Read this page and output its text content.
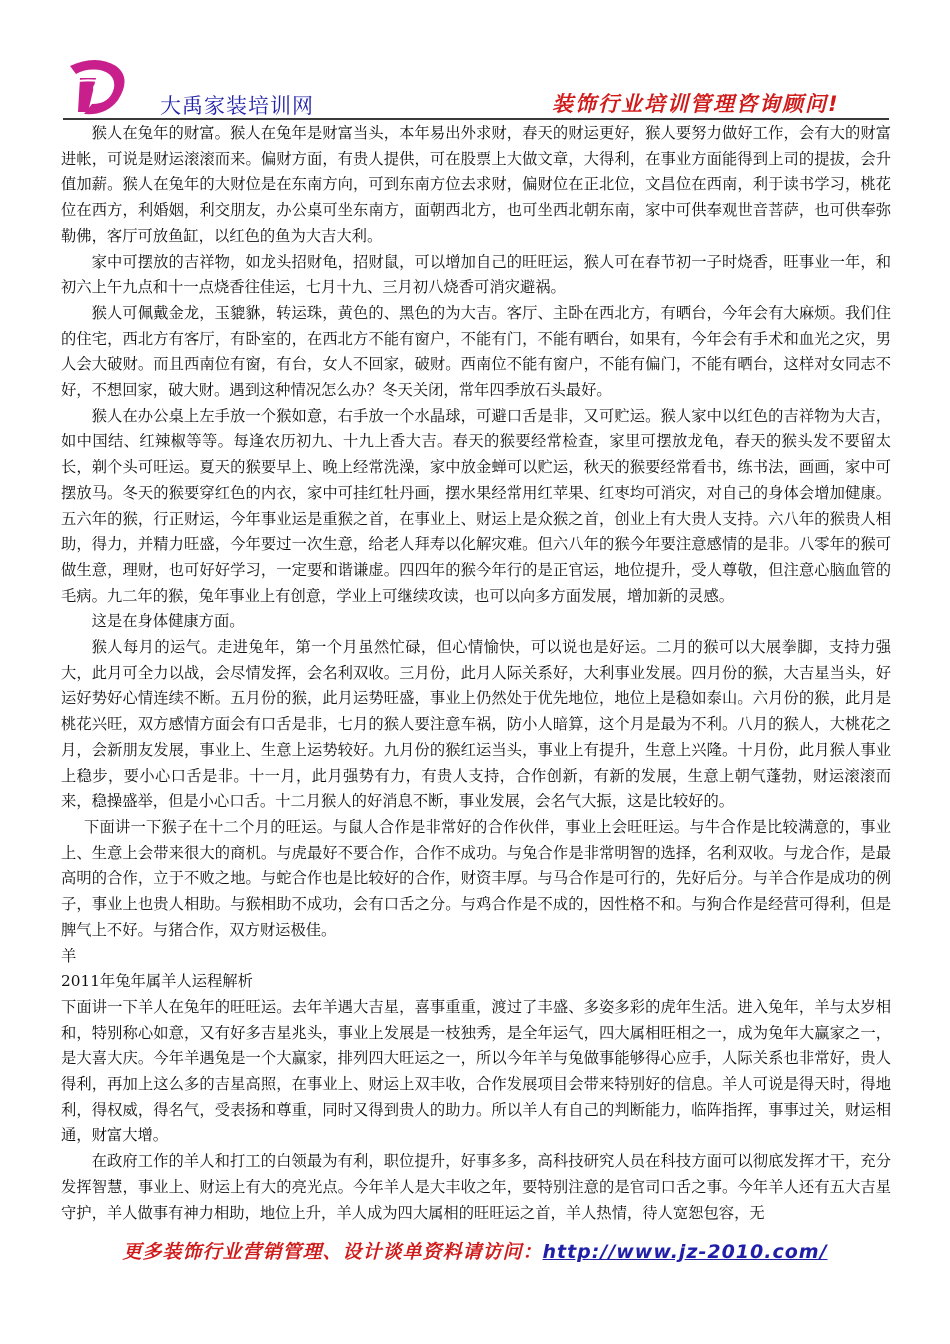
大禹家装培训网	装饰行业培训管理咨询顾问!

猴人在兔年的财富。猴人在兔年是财富当头，本年易出外求财，春天的财运更好，猴人要努力做好工作，会有大的财富进帐，可说是财运滚滚而来。偏财方面，有贵人提供，可在股票上大做文章，大得利，在事业方面能得到上司的提拔，会升值加薪。猴人在兔年的大财位是在东南方向，可到东南方位去求财，偏财位在正北位，文昌位在西南，利于读书学习，桃花位在西方，利婚姻，利交朋友，办公桌可坐东南方，面朝西北方，也可坐西北朝东南，家中可供奉观世音菩萨，也可供奉弥勒佛，客厅可放鱼缸，以红色的鱼为大吉大利。

家中可摆放的吉祥物，如龙头招财龟，招财鼠，可以增加自己的旺旺运，猴人可在春节初一子时烧香，旺事业一年，和初六上午九点和十一点烧香往佳运，七月十九、三月初八烧香可消灾避祸。

猴人可佩戴金龙，玉貔貅，转运珠，黄色的、黑色的为大吉。客厅、主卧在西北方，有晒台，今年会有大麻烦。我们住的住宅，西北方有客厅，有卧室的，在西北方不能有窗户，不能有门，不能有晒台，如果有，今年会有手术和血光之灾，男人会大破财。而且西南位有窗，有台，女人不回家，破财。西南位不能有窗户，不能有偏门，不能有晒台，这样对女同志不好，不想回家，破大财。遇到这种情况怎么办？冬天关闭，常年四季放石头最好。

猴人在办公桌上左手放一个猴如意，右手放一个水晶球，可避口舌是非，又可贮运。猴人家中以红色的吉祥物为大吉，如中国结、红辣椒等等。每逢农历初九、十九上香大吉。春天的猴要经常检查，家里可摆放龙龟，春天的猴头发不要留太长，剃个头可旺运。夏天的猴要早上、晚上经常洗澡，家中放金蝉可以贮运，秋天的猴要经常看书，练书法，画画，家中可摆放马。冬天的猴要穿红色的内衣，家中可挂红牡丹画，摆水果经常用红苹果、红枣均可消灾，对自己的身体会增加健康。五六年的猴，行正财运，今年事业运是重猴之首，在事业上、财运上是众猴之首，创业上有大贵人支持。六八年的猴贵人相助，得力，并精力旺盛，今年要过一次生意，给老人拜寿以化解灾难。但六八年的猴今年要注意感情的是非。八零年的猴可做生意，理财，也可好好学习，一定要和谐谦虚。四四年的猴今年行的是正官运，地位提升，受人尊敬，但注意心脑血管的毛病。九二年的猴，兔年事业上有创意，学业上可继续攻读，也可以向多方面发展，增加新的灵感。

这是在身体健康方面。

猴人每月的运气。走进兔年，第一个月虽然忙碌，但心情愉快，可以说也是好运。二月的猴可以大展拳脚，支持力强大，此月可全力以战，会尽情发挥，会名利双收。三月份，此月人际关系好，大利事业发展。四月份的猴，大吉星当头，好运好势好心情连续不断。五月份的猴，此月运势旺盛，事业上仍然处于优先地位，地位上是稳如泰山。六月份的猴，此月是桃花兴旺，双方感情方面会有口舌是非，七月的猴人要注意车祸，防小人暗算，这个月是最为不利。八月的猴人，大桃花之月，会新朋友发展，事业上、生意上运势较好。九月份的猴红运当头，事业上有提升，生意上兴隆。十月份，此月猴人事业上稳步，要小心口舌是非。十一月，此月强势有力，有贵人支持，合作创新，有新的发展，生意上朝气蓬勃，财运滚滚而来，稳操盛举，但是小心口舌。十二月猴人的好消息不断，事业发展，会名气大振，这是比较好的。

下面讲一下猴子在十二个月的旺运。与鼠人合作是非常好的合作伙伴，事业上会旺旺运。与牛合作是比较满意的，事业上、生意上会带来很大的商机。与虎最好不要合作，合作不成功。与兔合作是非常明智的选择，名利双收。与龙合作，是最高明的合作，立于不败之地。与蛇合作也是比较好的合作，财资丰厚。与马合作是可行的，先好后分。与羊合作是成功的例子，事业上也贵人相助。与猴相助不成功，会有口舌之分。与鸡合作是不成的，因性格不和。与狗合作是经营可得利，但是脾气上不好。与猪合作，双方财运极佳。

羊

2011年兔年属羊人运程解析

下面讲一下羊人在兔年的旺旺运。去年羊遇大吉星，喜事重重，渡过了丰盛、多姿多彩的虎年生活。进入兔年，羊与太岁相和，特别称心如意，又有好多吉星兆头，事业上发展是一枝独秀，是全年运气，四大属相旺相之一，成为兔年大赢家之一，是大喜大庆。今年羊遇兔是一个大赢家，排列四大旺运之一，所以今年羊与兔做事能够得心应手，人际关系也非常好，贵人得利，再加上这么多的吉星高照，在事业上、财运上双丰收，合作发展项目会带来特别好的信息。羊人可说是得天时，得地利，得权威，得名气，受表扬和尊重，同时又得到贵人的助力。所以羊人有自己的判断能力，临阵指挥，事事过关，财运相通，财富大增。

在政府工作的羊人和打工的白领最为有利，职位提升，好事多多，高科技研究人员在科技方面可以彻底发挥才干，充分发挥智慧，事业上、财运上有大的亮光点。今年羊人是大丰收之年，要特别注意的是官司口舌之事。今年羊人还有五大吉星守护，羊人做事有神力相助，地位上升，羊人成为四大属相的旺旺运之首，羊人热情，待人宽恕包容，无

更多装饰行业营销管理、设计谈单资料请访问：http://www.jz-2010.com/
